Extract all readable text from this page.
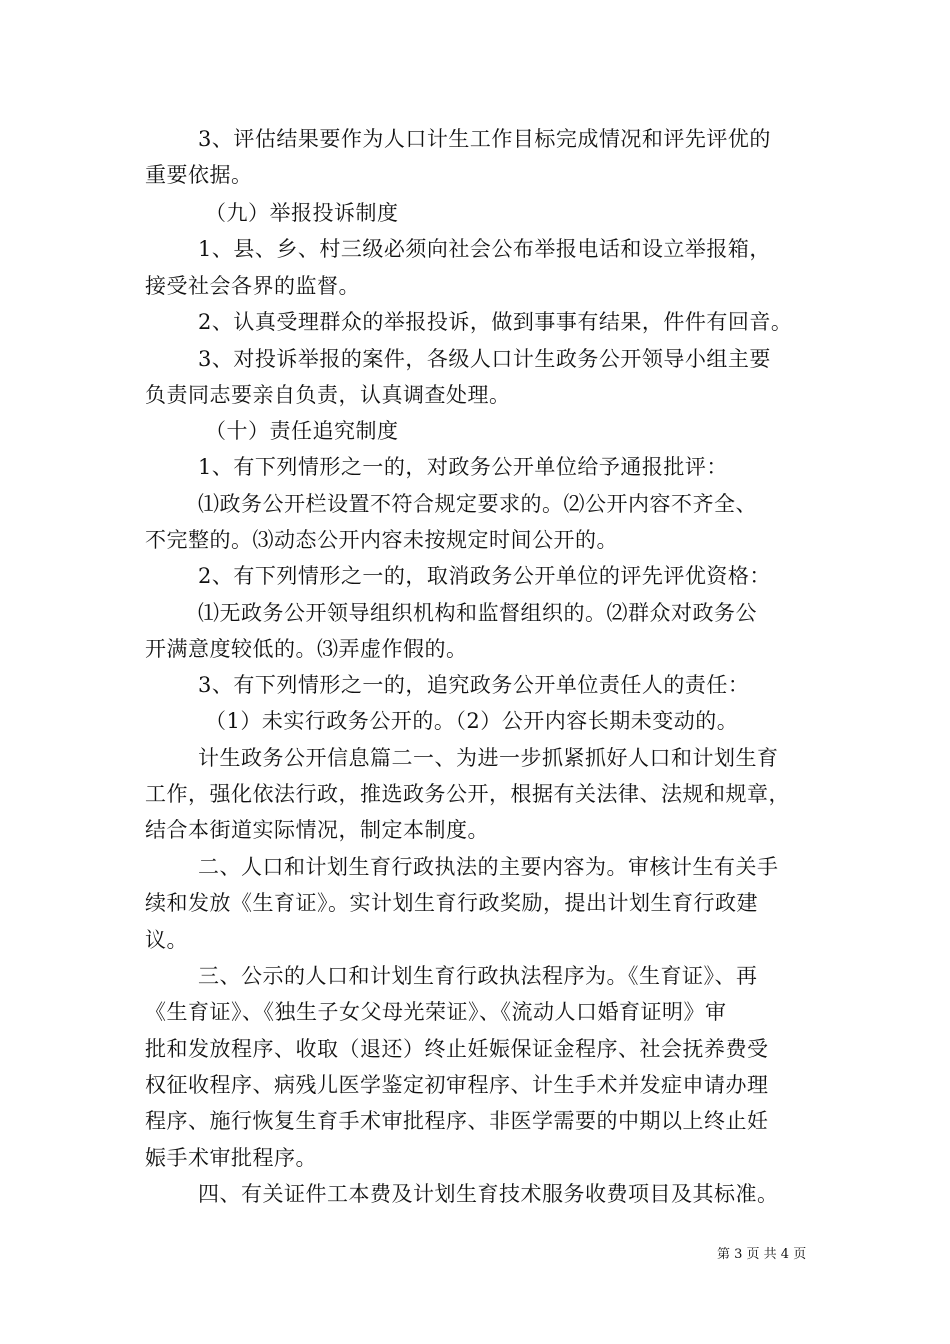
3、评估结果要作为人口计生工作目标完成情况和评先评优的
重要依据。
（九）举报投诉制度
1、县、乡、村三级必须向社会公布举报电话和设立举报箱，
接受社会各界的监督。
2、认真受理群众的举报投诉，做到事事有结果，件件有回音。
3、对投诉举报的案件，各级人口计生政务公开领导小组主要
负责同志要亲自负责，认真调查处理。
（十）责任追究制度
1、有下列情形之一的，对政务公开单位给予通报批评：
⑴政务公开栏设置不符合规定要求的。⑵公开内容不齐全、
不完整的。⑶动态公开内容未按规定时间公开的。
2、有下列情形之一的，取消政务公开单位的评先评优资格：
⑴无政务公开领导组织机构和监督组织的。⑵群众对政务公
开满意度较低的。⑶弄虚作假的。
3、有下列情形之一的，追究政务公开单位责任人的责任：
（1）未实行政务公开的。（2）公开内容长期未变动的。
计生政务公开信息篇二一、为进一步抓紧抓好人口和计划生育
工作，强化依法行政，推选政务公开，根据有关法律、法规和规章，
结合本街道实际情况，制定本制度。
二、人口和计划生育行政执法的主要内容为。审核计生有关手
续和发放《生育证》。实计划生育行政奖励，提出计划生育行政建
议。
三、公示的人口和计划生育行政执法程序为。《生育证》、再
《生育证》、《独生子女父母光荣证》、《流动人口婚育证明》审
批和发放程序、收取（退还）终止妊娠保证金程序、社会抚养费受
权征收程序、病残儿医学鉴定初审程序、计生手术并发症申请办理
程序、施行恢复生育手术审批程序、非医学需要的中期以上终止妊
娠手术审批程序。
四、有关证件工本费及计划生育技术服务收费项目及其标准。
第 3 页 共 4 页
